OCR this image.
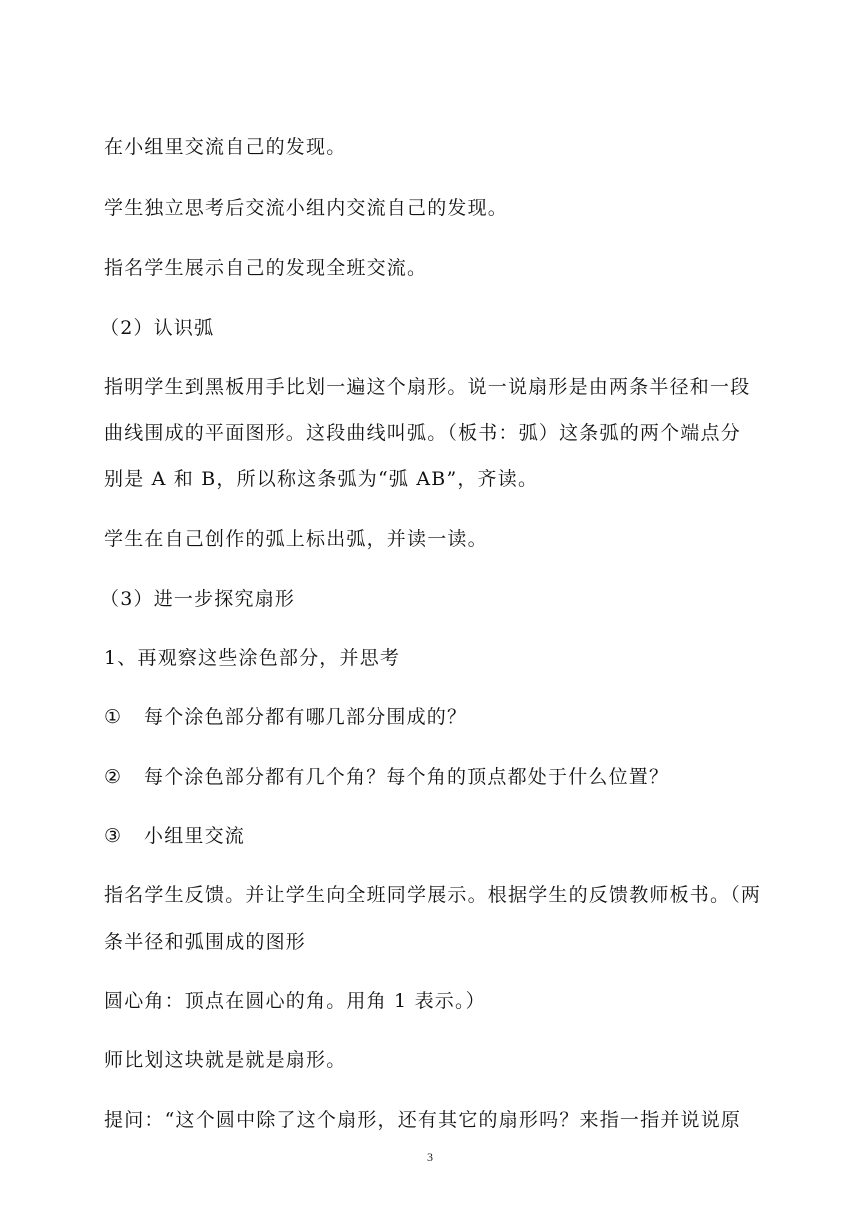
在小组里交流自己的发现。
学生独立思考后交流小组内交流自己的发现。
指名学生展示自己的发现全班交流。
（2）认识弧
指明学生到黑板用手比划一遍这个扇形。说一说扇形是由两条半径和一段
曲线围成的平面图形。这段曲线叫弧。（板书：弧）这条弧的两个端点分
别是 A 和 B，所以称这条弧为“弧 AB”，齐读。
学生在自己创作的弧上标出弧，并读一读。
（3）进一步探究扇形
1、再观察这些涂色部分，并思考
① 每个涂色部分都有哪几部分围成的？
② 每个涂色部分都有几个角？每个角的顶点都处于什么位置？
③ 小组里交流
指名学生反馈。并让学生向全班同学展示。根据学生的反馈教师板书。（两
条半径和弧围成的图形
圆心角：顶点在圆心的角。用角 1 表示。）
师比划这块就是就是扇形。
提问：“这个圆中除了这个扇形，还有其它的扇形吗？来指一指并说说原
3
